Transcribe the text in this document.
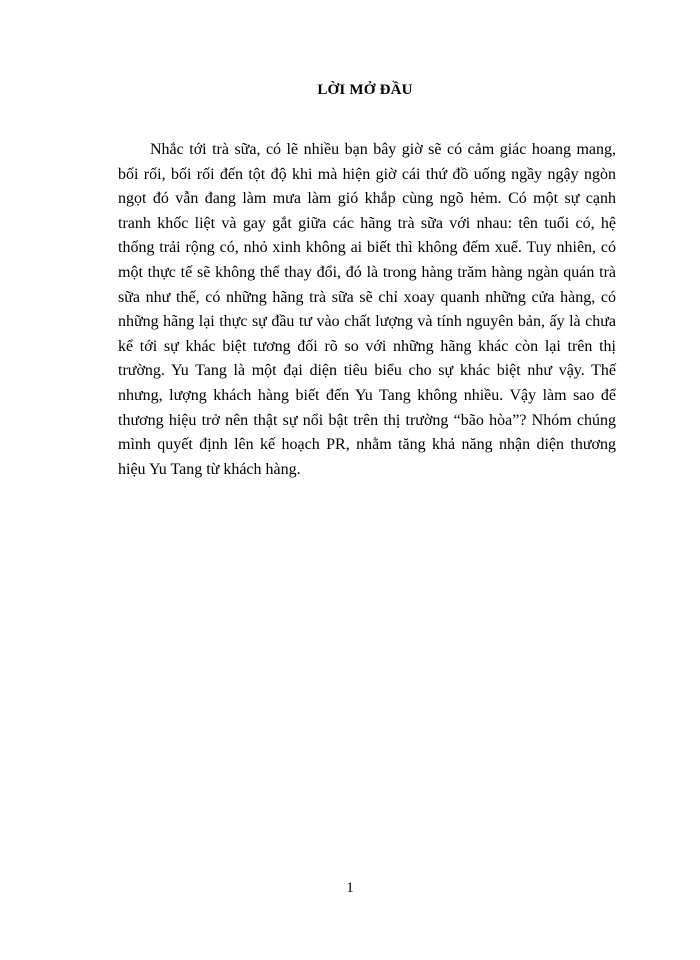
LỜI MỞ ĐẦU

Nhắc tới trà sữa, có lẽ nhiều bạn bây giờ sẽ có cảm giác hoang mang, bối rối, bối rối đến tột độ khi mà hiện giờ cái thứ đồ uống ngầy ngậy ngòn ngọt đó vẫn đang làm mưa làm gió khắp cùng ngõ hẻm. Có một sự cạnh tranh khốc liệt và gay gắt giữa các hãng trà sữa với nhau: tên tuổi có, hệ thống trải rộng có, nhỏ xinh không ai biết thì không đếm xuể. Tuy nhiên, có một thực tế sẽ không thể thay đổi, đó là trong hàng trăm hàng ngàn quán trà sữa như thế, có những hãng trà sữa sẽ chỉ xoay quanh những cửa hàng, có những hãng lại thực sự đầu tư vào chất lượng và tính nguyên bản, ấy là chưa kể tới sự khác biệt tương đối rõ so với những hãng khác còn lại trên thị trường. Yu Tang là một đại diện tiêu biểu cho sự khác biệt như vậy. Thế nhưng, lượng khách hàng biết đến Yu Tang không nhiều. Vậy làm sao để thương hiệu trở nên thật sự nổi bật trên thị trường “bão hòa”? Nhóm chúng mình quyết định lên kế hoạch PR, nhằm tăng khả năng nhận diện thương hiệu Yu Tang từ khách hàng.

1
